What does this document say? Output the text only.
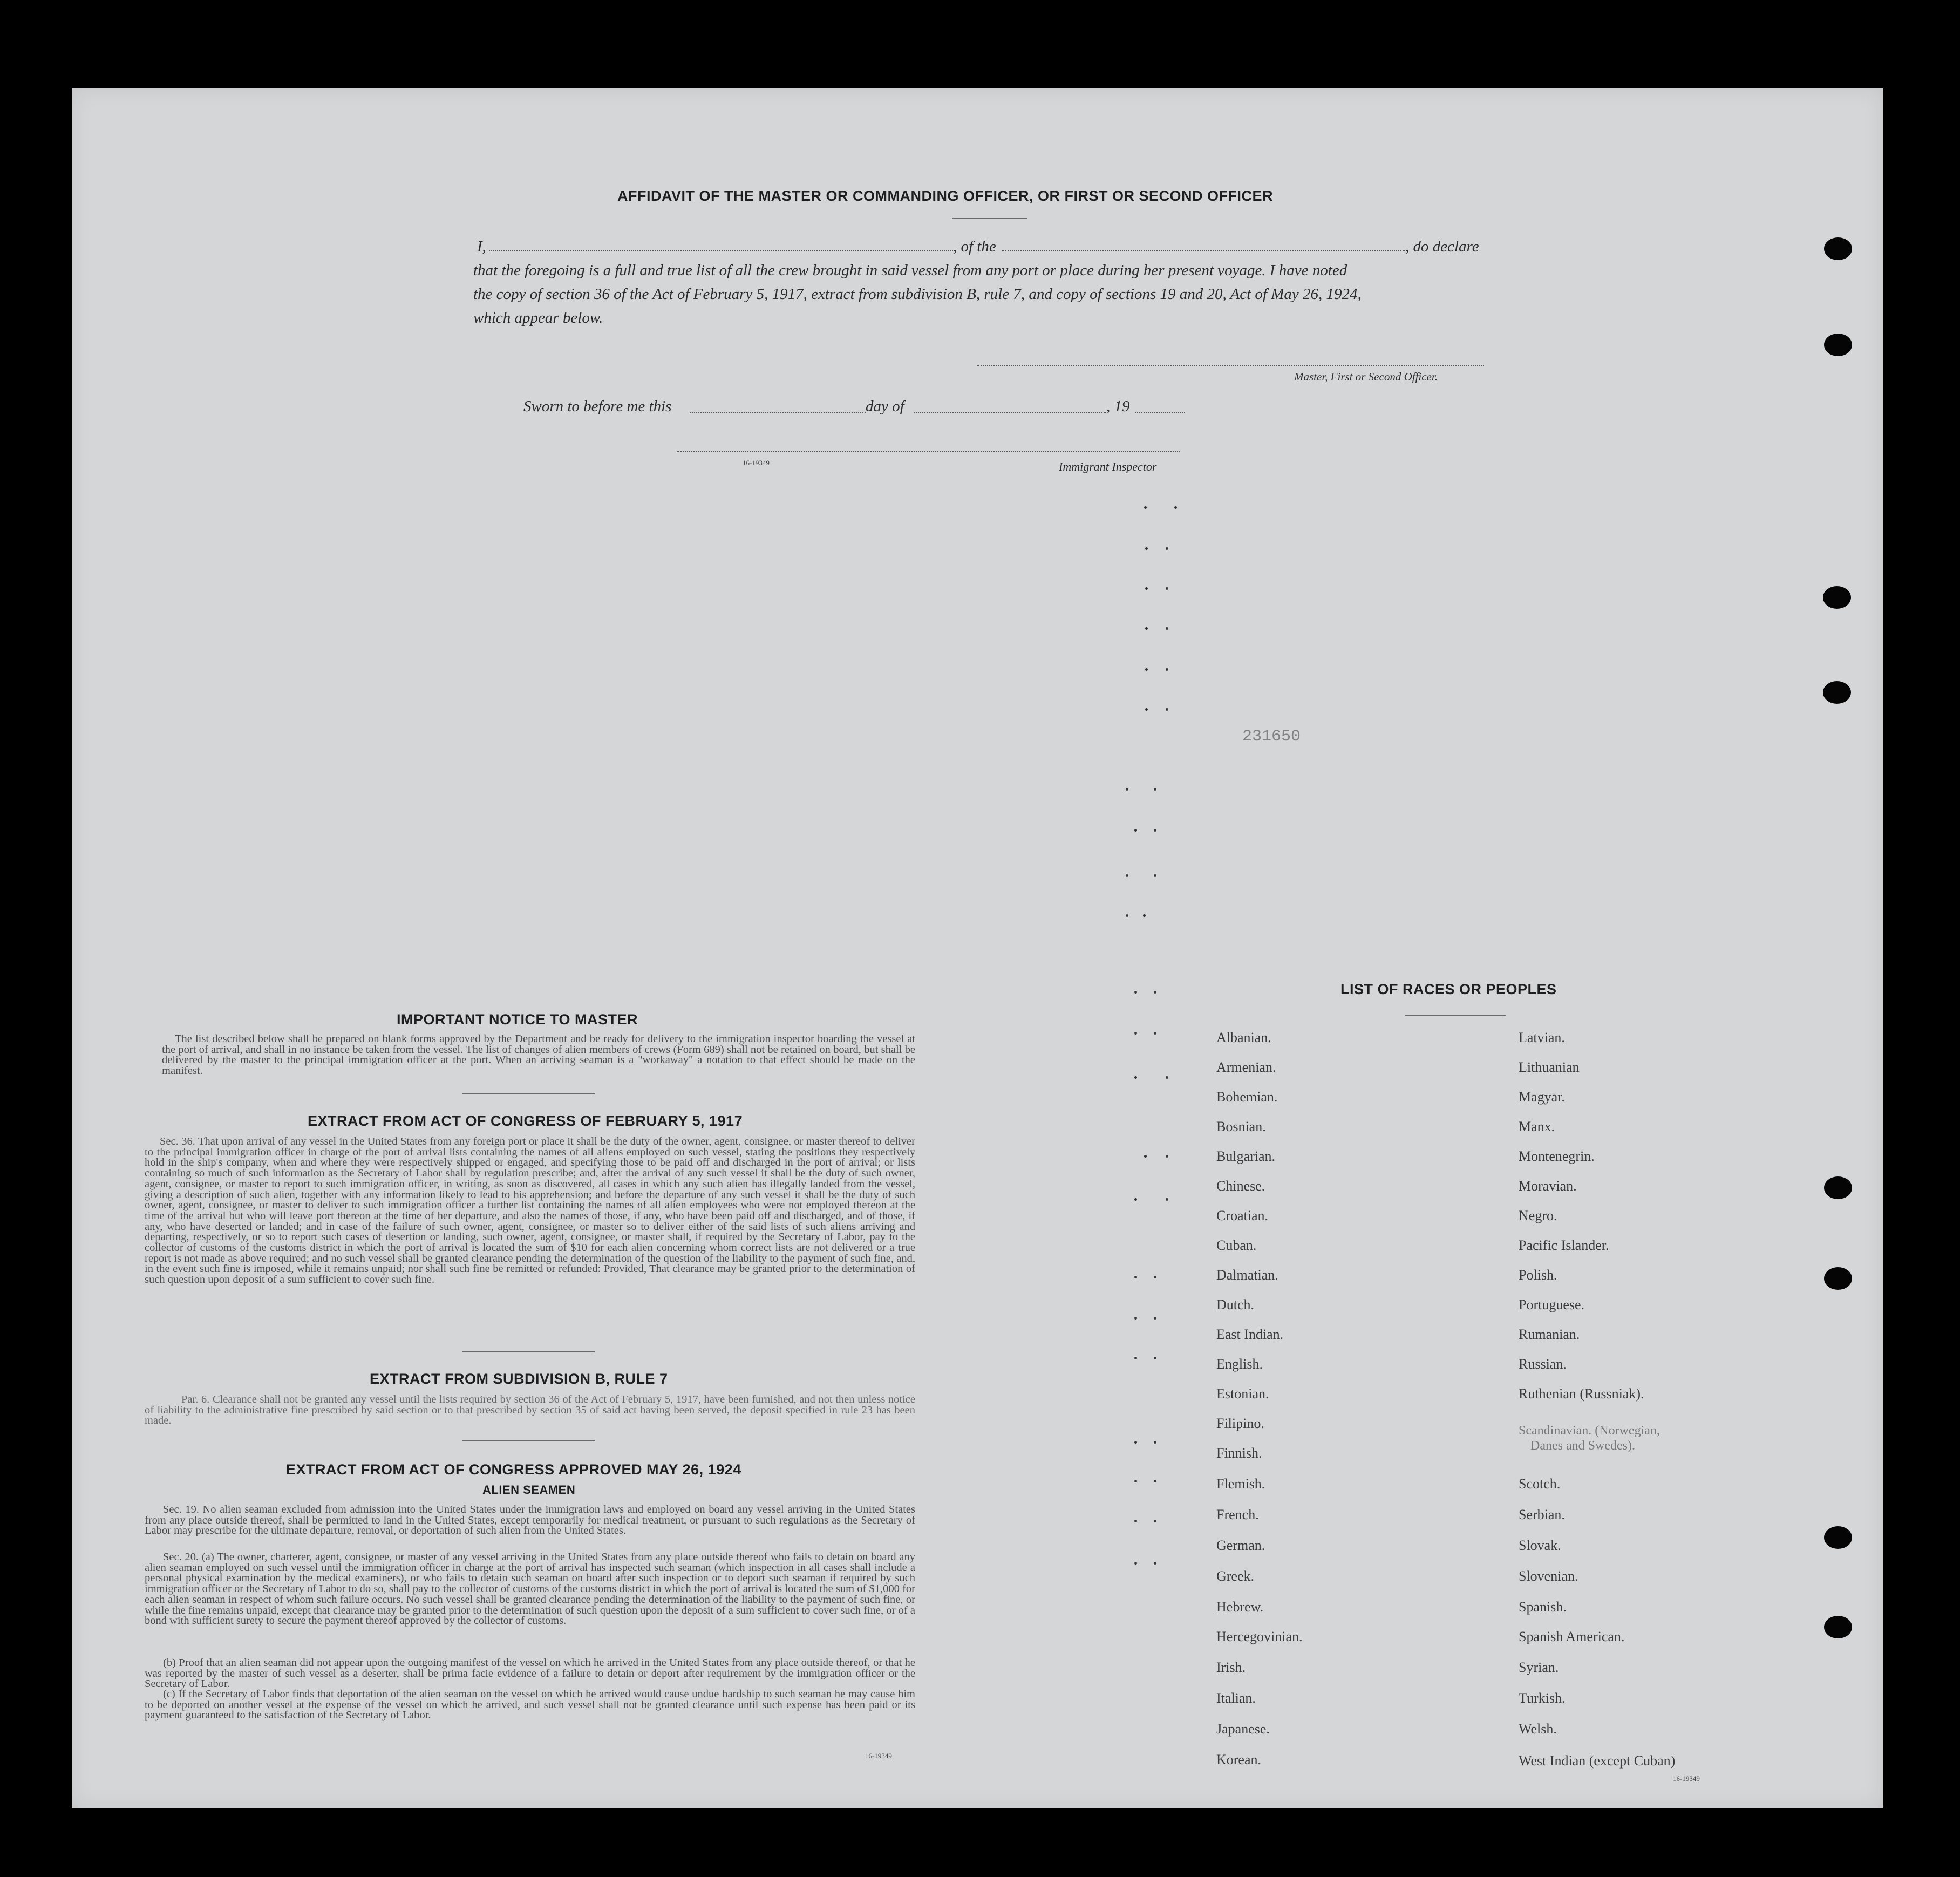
AFFIDAVIT OF THE MASTER OR COMMANDING OFFICER, OR FIRST OR SECOND OFFICER
I,	, of the	, do declare
that the foregoing is a full and true list of all the crew brought in said vessel from any port or place during her present voyage. I have noted
the copy of section 36 of the Act of February 5, 1917, extract from subdivision B, rule 7, and copy of sections 19 and 20, Act of May 26, 1924,
which appear below.
Master, First or Second Officer.
Sworn to before me this	day of	, 19
16-19349	Immigrant Inspector
231650
IMPORTANT NOTICE TO MASTER
The list described below shall be prepared on blank forms approved by the Department and be ready for delivery to the immigration inspector boarding the vessel at the port of arrival, and shall in no instance be taken from the vessel. The list of changes of alien members of crews (Form 689) shall not be retained on board, but shall be delivered by the master to the principal immigration officer at the port. When an arriving seaman is a "workaway" a notation to that effect should be made on the manifest.
EXTRACT FROM ACT OF CONGRESS OF FEBRUARY 5, 1917
Sec. 36. That upon arrival of any vessel in the United States from any foreign port or place it shall be the duty of the owner, agent, consignee, or master thereof to deliver to the principal immigration officer in charge of the port of arrival lists containing the names of all aliens employed on such vessel, stating the positions they respectively hold in the ship's company, when and where they were respectively shipped or engaged, and specifying those to be paid off and discharged in the port of arrival; or lists containing so much of such information as the Secretary of Labor shall by regulation prescribe; and, after the arrival of any such vessel it shall be the duty of such owner, agent, consignee, or master to report to such immigration officer, in writing, as soon as discovered, all cases in which any such alien has illegally landed from the vessel, giving a description of such alien, together with any information likely to lead to his apprehension; and before the departure of any such vessel it shall be the duty of such owner, agent, consignee, or master to deliver to such immigration officer a further list containing the names of all alien employees who were not employed thereon at the time of the arrival but who will leave port thereon at the time of her departure, and also the names of those, if any, who have been paid off and discharged, and of those, if any, who have deserted or landed; and in case of the failure of such owner, agent, consignee, or master so to deliver either of the said lists of such aliens arriving and departing, respectively, or so to report such cases of desertion or landing, such owner, agent, consignee, or master shall, if required by the Secretary of Labor, pay to the collector of customs of the customs district in which the port of arrival is located the sum of $10 for each alien concerning whom correct lists are not delivered or a true report is not made as above required; and no such vessel shall be granted clearance pending the determination of the question of the liability to the payment of such fine, and, in the event such fine is imposed, while it remains unpaid; nor shall such fine be remitted or refunded: Provided, That clearance may be granted prior to the determination of such question upon deposit of a sum sufficient to cover such fine.
EXTRACT FROM SUBDIVISION B, RULE 7
Par. 6. Clearance shall not be granted any vessel until the lists required by section 36 of the Act of February 5, 1917, have been furnished, and not then unless notice of liability to the administrative fine prescribed by said section or to that prescribed by section 35 of said act having been served, the deposit specified in rule 23 has been made.
EXTRACT FROM ACT OF CONGRESS APPROVED MAY 26, 1924
ALIEN SEAMEN
Sec. 19. No alien seaman excluded from admission into the United States under the immigration laws and employed on board any vessel arriving in the United States from any place outside thereof, shall be permitted to land in the United States, except temporarily for medical treatment, or pursuant to such regulations as the Secretary of Labor may prescribe for the ultimate departure, removal, or deportation of such alien from the United States.
Sec. 20. (a) The owner, charterer, agent, consignee, or master of any vessel arriving in the United States from any place outside thereof who fails to detain on board any alien seaman employed on such vessel until the immigration officer in charge at the port of arrival has inspected such seaman (which inspection in all cases shall include a personal physical examination by the medical examiners), or who fails to detain such seaman on board after such inspection or to deport such seaman if required by such immigration officer or the Secretary of Labor to do so, shall pay to the collector of customs of the customs district in which the port of arrival is located the sum of $1,000 for each alien seaman in respect of whom such failure occurs. No such vessel shall be granted clearance pending the determination of the liability to the payment of such fine, or while the fine remains unpaid, except that clearance may be granted prior to the determination of such question upon the deposit of a sum sufficient to cover such fine, or of a bond with sufficient surety to secure the payment thereof approved by the collector of customs.
(b) Proof that an alien seaman did not appear upon the outgoing manifest of the vessel on which he arrived in the United States from any place outside thereof, or that he was reported by the master of such vessel as a deserter, shall be prima facie evidence of a failure to detain or deport after requirement by the immigration officer or the Secretary of Labor.
(c) If the Secretary of Labor finds that deportation of the alien seaman on the vessel on which he arrived would cause undue hardship to such seaman he may cause him to be deported on another vessel at the expense of the vessel on which he arrived, and such vessel shall not be granted clearance until such expense has been paid or its payment guaranteed to the satisfaction of the Secretary of Labor.
16-19349
LIST OF RACES OR PEOPLES
Albanian.
Armenian.
Bohemian.
Bosnian.
Bulgarian.
Chinese.
Croatian.
Cuban.
Dalmatian.
Dutch.
East Indian.
English.
Estonian.
Filipino.
Finnish.
Flemish.
French.
German.
Greek.
Hebrew.
Hercegovinian.
Irish.
Italian.
Japanese.
Korean.
Latvian.
Lithuanian
Magyar.
Manx.
Montenegrin.
Moravian.
Negro.
Pacific Islander.
Polish.
Portuguese.
Rumanian.
Russian.
Ruthenian (Russniak).
Scandinavian. (Norwegian,
Danes and Swedes).
Scotch.
Serbian.
Slovak.
Slovenian.
Spanish.
Spanish American.
Syrian.
Turkish.
Welsh.
West Indian (except Cuban)
16-19349
